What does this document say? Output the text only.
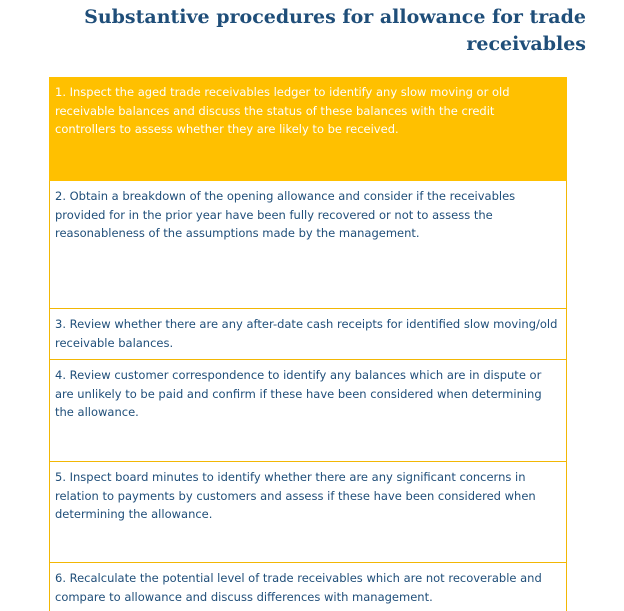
Substantive procedures for allowance for trade receivables
1. Inspect the aged trade receivables ledger to identify any slow moving or old receivable balances and discuss the status of these balances with the credit controllers to assess whether they are likely to be received.
2. Obtain a breakdown of the opening allowance and consider if the receivables provided for in the prior year have been fully recovered or not to assess the reasonableness of the assumptions made by the management.
3. Review whether there are any after-date cash receipts for identified slow moving/old receivable balances.
4. Review customer correspondence to identify any balances which are in dispute or are unlikely to be paid and confirm if these have been considered when determining the allowance.
5. Inspect board minutes to identify whether there are any significant concerns in relation to payments by customers and assess if these have been considered when determining the allowance.
6. Recalculate the potential level of trade receivables which are not recoverable and compare to allowance and discuss differences with management.
